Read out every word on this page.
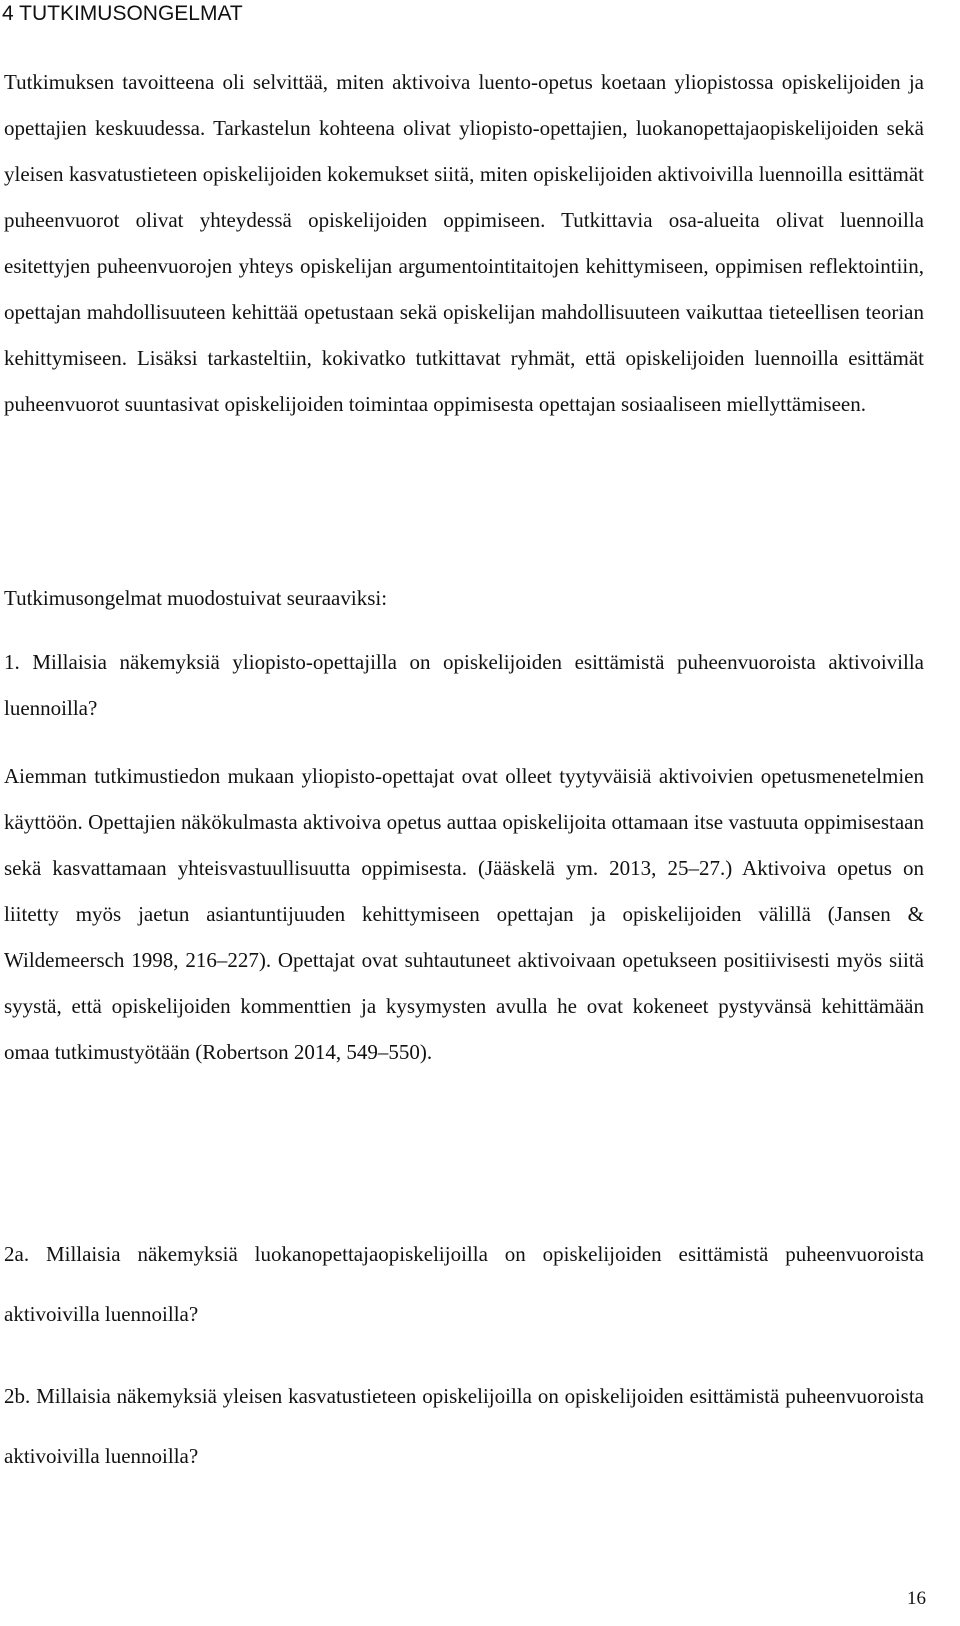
4 TUTKIMUSONGELMAT

Tutkimuksen tavoitteena oli selvittää, miten aktivoiva luento-opetus koetaan yliopistossa opiskelijoiden ja opettajien keskuudessa. Tarkastelun kohteena olivat yliopisto-opettajien, luokanopettajaopiskelijoiden sekä yleisen kasvatustieteen opiskelijoiden kokemukset siitä, miten opiskelijoiden aktivoivilla luennoilla esittämät puheenvuorot olivat yhteydessä opiskelijoiden oppimiseen. Tutkittavia osa-alueita olivat luennoilla esitettyjen puheenvuorojen yhteys opiskelijan argumentointitaitojen kehittymiseen, oppimisen reflektointiin, opettajan mahdollisuuteen kehittää opetustaan sekä opiskelijan mahdollisuuteen vaikuttaa tieteellisen teorian kehittymiseen. Lisäksi tarkasteltiin, kokivatko tutkittavat ryhmät, että opiskelijoiden luennoilla esittämät puheenvuorot suuntasivat opiskelijoiden toimintaa oppimisesta opettajan sosiaaliseen miellyttämiseen.

Tutkimusongelmat muodostuivat seuraaviksi:

1. Millaisia näkemyksiä yliopisto-opettajilla on opiskelijoiden esittämistä puheenvuoroista aktivoivilla luennoilla?

Aiemman tutkimustiedon mukaan yliopisto-opettajat ovat olleet tyytyväisiä aktivoivien opetusmenetelmien käyttöön. Opettajien näkökulmasta aktivoiva opetus auttaa opiskelijoita ottamaan itse vastuuta oppimisestaan sekä kasvattamaan yhteisvastuullisuutta oppimisesta. (Jääskelä ym. 2013, 25–27.) Aktivoiva opetus on liitetty myös jaetun asiantuntijuuden kehittymiseen opettajan ja opiskelijoiden välillä (Jansen & Wildemeersch 1998, 216–227). Opettajat ovat suhtautuneet aktivoivaan opetukseen positiivisesti myös siitä syystä, että opiskelijoiden kommenttien ja kysymysten avulla he ovat kokeneet pystyvänsä kehittämään omaa tutkimustyötään (Robertson 2014, 549–550).

2a. Millaisia näkemyksiä luokanopettajaopiskelijoilla on opiskelijoiden esittämistä puheenvuoroista aktivoivilla luennoilla?

2b. Millaisia näkemyksiä yleisen kasvatustieteen opiskelijoilla on opiskelijoiden esittämistä puheenvuoroista aktivoivilla luennoilla?

16
